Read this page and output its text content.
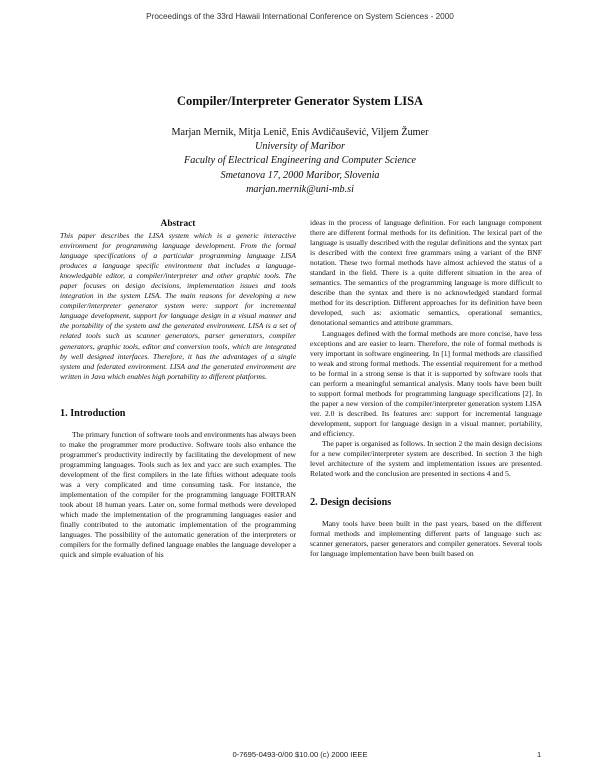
Proceedings of the 33rd Hawaii International Conference on System Sciences - 2000
Compiler/Interpreter Generator System LISA
Marjan Mernik, Mitja Lenič, Enis Avdičaušević, Viljem Žumer
University of Maribor
Faculty of Electrical Engineering and Computer Science
Smetanova 17, 2000 Maribor, Slovenia
marjan.mernik@uni-mb.si
Abstract

This paper describes the LISA system which is a generic interactive environment for programming language development. From the formal language specifications of a particular programming language LISA produces a language specific environment that includes a language-knowledgable editor, a compiler/interpreter and other graphic tools. The paper focuses on design decisions, implementation issues and tools integration in the system LISA. The main reasons for developing a new compiler/interpreter generator system were: support for incremental language development, support for language design in a visual manner and the portability of the system and the generated environment. LISA is a set of related tools such as scanner generators, parser generators, compiler generators, graphic tools, editor and conversion tools, which are integrated by well designed interfaces. Therefore, it has the advantages of a single system and federated environment. LISA and the generated environment are written in Java which enables high portability to different platforms.

1. Introduction

The primary function of software tools and environments has always been to make the programmer more productive. Software tools also enhance the programmer's productivity indirectly by facilitating the development of new programming languages. Tools such as lex and yacc are such examples. The development of the first compilers in the late fifties without adequate tools was a very complicated and time consuming task. For instance, the implementation of the compiler for the programming language FORTRAN took about 18 human years. Later on, some formal methods were developed which made the implementation of the programming languages easier and finally contributed to the automatic implementation of the programming languages. The possibility of the automatic generation of the interpreters or compilers for the formally defined language enables the language developer a quick and simple evaluation of his

ideas in the process of language definition. For each language component there are different formal methods for its definition. The lexical part of the language is usually described with the regular definitions and the syntax part is described with the context free grammars using a variant of the BNF notation. These two formal methods have almost achieved the status of a standard in the field. There is a quite different situation in the area of semantics. The semantics of the programming language is more difficult to describe than the syntax and there is no acknowledged standard formal method for its description. Different approaches for its definition have been developed, such as: axiomatic semantics, operational semantics, denotational semantics and attribute grammars.

Languages defined with the formal methods are more concise, have less exceptions and are easier to learn. Therefore, the role of formal methods is very important in software engineering. In [1] formal methods are classified to weak and strong formal methods. The essential requirement for a method to be formal in a strong sense is that it is supported by software tools that can perform a meaningful semantical analysis. Many tools have been built to support formal methods for programming language specifications [2]. In the paper a new version of the compiler/interpreter generation system LISA ver. 2.0 is described. Its features are: support for incremental language development, support for language design in a visual manner, portability, and efficiency.

The paper is organised as follows. In section 2 the main design decisions for a new compiler/interpreter system are described. In section 3 the high level architecture of the system and implementation issues are presented. Related work and the conclusion are presented in sections 4 and 5.

2. Design decisions

Many tools have been built in the past years, based on the different formal methods and implementing different parts of language such as: scanner generators, parser generators and compiler generators. Several tools for language implementation have been built based on

0-7695-0493-0/00 $10.00 (c) 2000 IEEE	1
